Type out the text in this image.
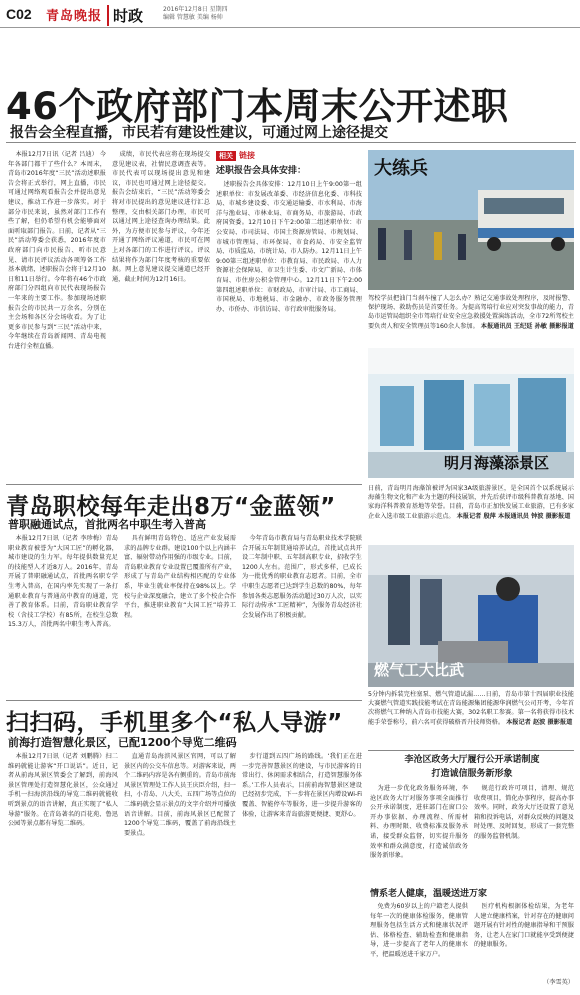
C02 青岛晚报 时政	2016年12月8日 星期四
编辑 管慧敏 美编 杨帅
46个政府部门本周末公开述职
报告会全程直播，市民若有建设性建议，可通过网上途径提交

本报12月7日讯（记者 吕迪） 今年各部门都干了些什么？本周末，青岛市2016年度“三民”活动述职报告会将正式举行，网上直播，市民可通过网络观看报告会并提出意见建议，推动工作进一步落实。对于部分市民来说，虽然对部门工作有些了解，但仍希望有机会能够面对面听取部门报告。日前，记者从“三民”活动筹委会获悉，2016年度市政府部门向市民报告、听市民意见、请市民评议活动各项筹备工作基本就绪，述职报告会将于12月10日和11日举行。今年将有46个市政府部门分四组向市民代表现场报告一年来的主要工作。参加现场述职报告会的市民共一万余名，分别在主会场和各区分会场收看。为了让更多市民参与到“三民”活动中来，今年继续在青岛新闻网、青岛电视台进行全程直播。

成绩，市民代表应将在现场提交意见建议表，社情民意调查表等。市民代表可以现场提出意见和建议，市民也可通过网上途径提交。报告会结束后，“三民”活动筹委会将对市民提出的意见建议进行汇总整理，交由相关部门办理，市民可以通过网上途径查询办理结果。此外，为方便市民参与评议，今年还开通了网络评议通道，市民可在网上对各部门的工作进行评议。评议结果将作为部门年度考核的重要依据。网上意见建议提交通道已经开通，截止时间为12月16日。

相关 链接
述职报告会具体安排：

述职报告会具体安排：12月10日上午9:00第一组述职单位：市发展改革委、市经济信息化委、市科技局、市城乡建设委、市交通运输委、市水利局、市海洋与渔业局、市林业局、市商务局、市旅游局、市政府国资委。12月10日下午2:00第二组述职单位：市公安局、市司法局、市国土资源房管局、市规划局、市城市管理局、市环保局、市食药局、市安全监管局、市质监局、市统计局、市人防办。12月11日上午9:00第三组述职单位：市教育局、市民政局、市人力资源社会保障局、市卫生计生委、市文广新局、市体育局、市住房公积金管理中心。12月11日下午2:00第四组述职单位：市财政局、市审计局、市工商局、市国税局、市地税局、市金融办、市政务服务管理办、市侨办、市信访局、市行政审批服务局。

大练兵
驾校学员把油门当刹车撞了人怎么办？熟记交通事故处理程序，及时报警、保护现场、救助伤员是首要任务。为提高驾培行业应对突发事故的能力，青岛市运管局组织全市驾培行业安全应急救援处置演练活动，全市72所驾校主要负责人和安全管理员等160余人参加。 本报通讯员 王纪廷 孙敏 摄影报道
明月海藻添景区
日前，青岛明月海藻馆被评为国家3A级旅游景区，是全国首个以系统展示海藻生物文化和产业为主题的科技展馆，并先后获评市级科普教育基地、国家海洋科普教育基地等荣誉。目前，青岛市正加快发展工业旅游，已有多家企业入选市级工业旅游示范点。 本报记者 殷萍 本报通讯员 钟波 摄影报道
青岛职校每年走出8万“金蓝领”
普职融通试点，首批两名中职生考入普高

本报12月7日讯（记者 李珍梅）青岛职业教育被誉为“大国工匠”的孵化器，城市建设的生力军。每年提供数量充足的技能型人才近8万人。2016年，青岛开展了普职融通试点，首批两名职专学生考入普高，在国内率先实现了一条打通职业教育与普通高中教育的通道，完善了教育体系。目前，青岛职业教育学校（含技工学校）有85所，在校生总数15.3万人，首批两名中职生考入普高。

具有鲜明青岛特色、适应产业发展需求的品牌专业群。建设100个以上内涵丰富、辐射带动作用强的市级专业。目前，青岛职业教育专业设置已覆盖所有产业，形成了与青岛产业结构相匹配的专业体系，毕业生就业率保持在98%以上。学校与企业深度融合，建立了多个校企合作平台，推进职业教育“大国工匠”培养工程。

今年青岛市教育局与青岛职业技术学院联合开展五年制贯通培养试点，首批试点共开设二年制中职、五年制高职专业，招收学生1200人左右。范围广，形式多样，已成长为一批优秀的职业教育志愿者。目前，全市中职生志愿者已达到学生总数的80%，每年参加各类志愿服务活动超过30万人次，以实际行动传承“工匠精神”，为服务青岛经济社会发展作出了积极贡献。

燃气工大比武
5分钟内拆装完柱塞泵、燃气管道试漏……日前，青岛市第十四届职业技能大赛燃气管道实践技能考试在青岛能源集团能源华润燃气公司开考，今年首次将燃气工种纳入青岛市技能大赛，302名职工参赛。第一名将获得市技术能手荣誉称号，前六名可获得破格晋升技师资格。 本报记者 赵波 摄影报道
扫扫码，手机里多个“私人导游”
前海打造智慧化景区，已配1200个导览二维码

本报12月7日讯（记者 刘鹏腾）扫二维码就能让游客“开口说话”。近日，记者从前海风景区管委会了解到，前海风景区管理处打造智慧化景区，公众通过手机一扫海滨沿线的导览二维码就能收听到景点的语音讲解，真正实现了“私人导游”服务。在青岛著名的百花苑、鲁迅公园等景点都有导览二维码。

直通青岛海滨风景区官网，可以了解景区内的公交车信息等。对游客来说，两个二维码内容是各有侧重的。青岛市前海风景区管理处工作人员王庆臣介绍，扫一扫，小青岛、八大关、五四广场等点位的二维码就会显示景点的文字介绍并可播放语音讲解。目前，前海风景区已配置了1200个导览二维码，覆盖了前海沿线主要景点。

步行道到五四广场的路线。‘我们正在进一步完善智慧景区的建设，与市民游客的日常出行、休闲需求相结合，打造智慧服务体系。’工作人员表示，目前前海智慧景区建设已经初步完成，下一步将在景区内增设Wi-Fi覆盖、智能停车等服务，进一步提升游客的体验，让游客来青岛旅游更便捷、更舒心。

李沧区政务大厅履行公开承诺制度
打造诚信服务新形象

为进一步优化政务服务环境，李沧区政务大厅对服务事项全面推行公开承诺制度，进驻部门在窗口公开办事依据、办理流程、所需材料、办理时限、收费标准及服务承诺，接受群众监督，切实提升服务效率和群众满意度，打造诚信政务服务新形象。

规范行政许可项目，清理、规范收费项目，简化办事程序，提高办事效率。同时，政务大厅还设置了意见箱和投诉电话，对群众反映的问题及时处理、及时回复，形成了一套完整的服务监督机制。

情系老人健康，温暖送进万家

免费为60岁以上的户籍老人提供每年一次的健康体检服务，健康管理服务包括生活方式和健康状况评估、体格检查、辅助检查和健康指导，进一步提高了老年人的健康水平，把温暖送进千家万户。

医疗机构根据体检结果，为老年人建立健康档案，针对存在的健康问题开展有针对性的健康指导和干预服务，让老人在家门口就能享受到便捷的健康服务。

（李雪英）
